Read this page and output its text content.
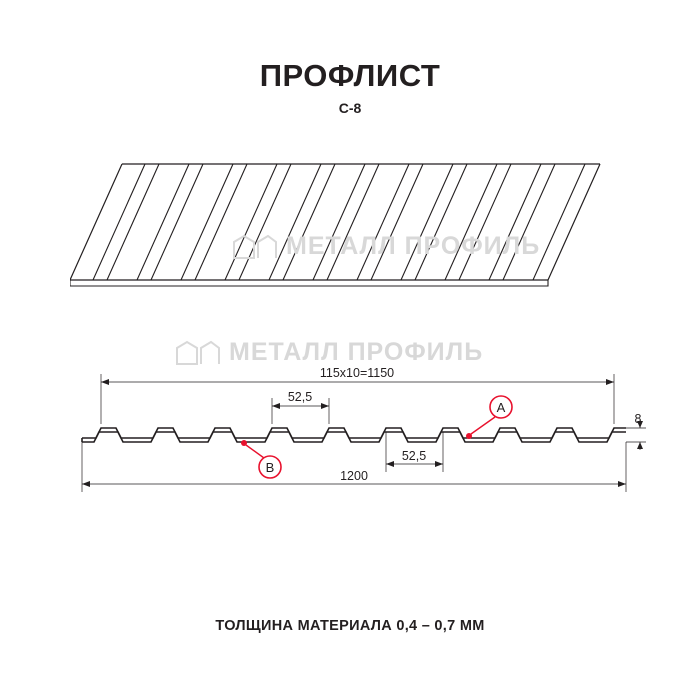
ПРОФЛИСТ
С-8
115х10=1150
52,5
52,5
1200
8
A
B
МЕТАЛЛ ПРОФИЛЬ
МЕТАЛЛ ПРОФИЛЬ
ТОЛЩИНА МАТЕРИАЛА 0,4 – 0,7 ММ
